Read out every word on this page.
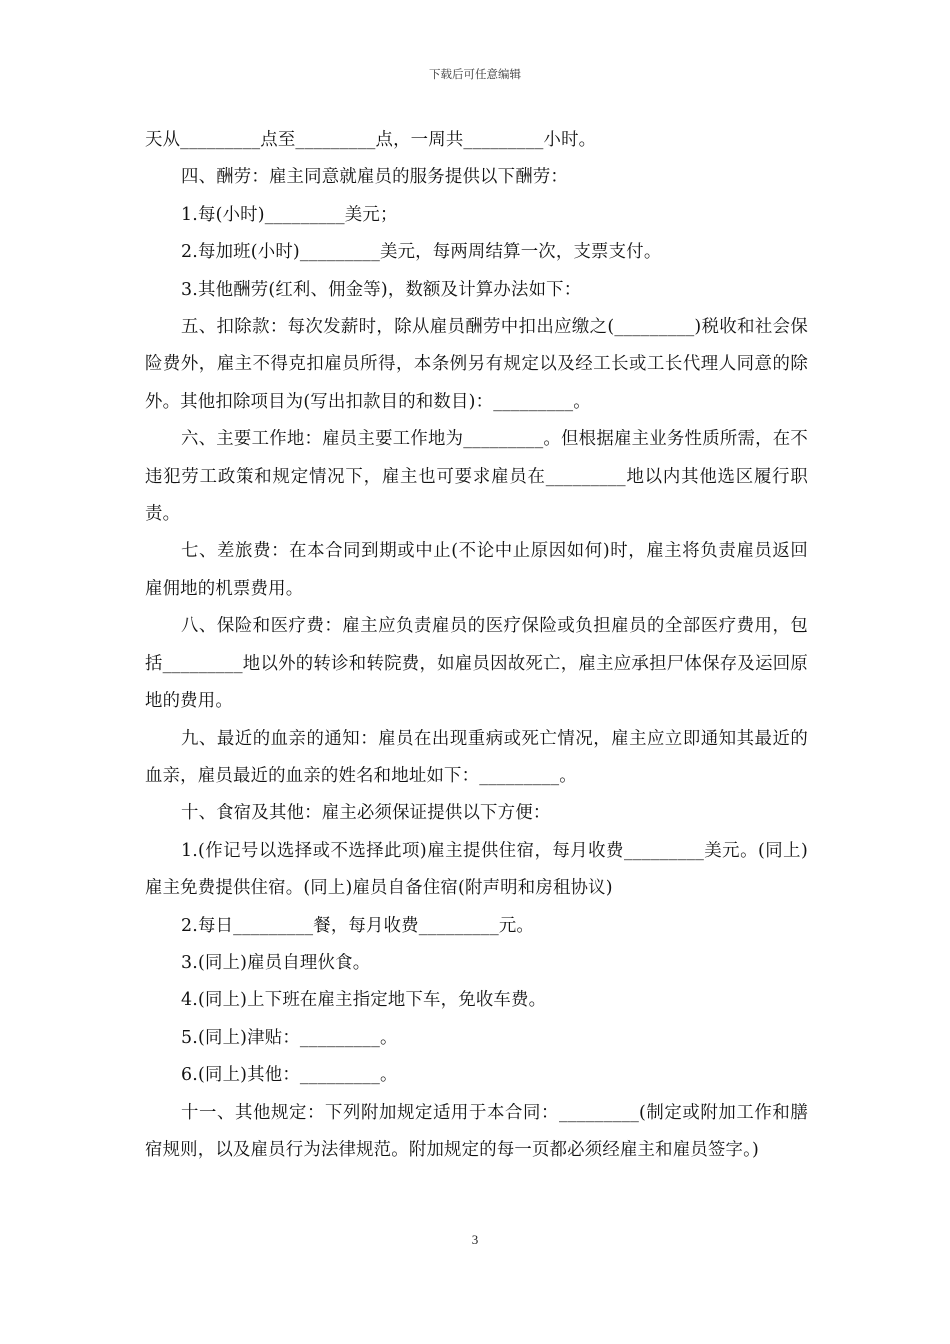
下载后可任意编辑

天从_________点至_________点，一周共_________小时。

四、酬劳：雇主同意就雇员的服务提供以下酬劳：

1.每(小时)_________美元；

2.每加班(小时)_________美元，每两周结算一次，支票支付。

3.其他酬劳(红利、佣金等)，数额及计算办法如下：

五、扣除款：每次发薪时，除从雇员酬劳中扣出应缴之(_________)税收和社会保险费外，雇主不得克扣雇员所得，本条例另有规定以及经工长或工长代理人同意的除外。其他扣除项目为(写出扣款目的和数目)：_________。

六、主要工作地：雇员主要工作地为_________。但根据雇主业务性质所需，在不违犯劳工政策和规定情况下，雇主也可要求雇员在_________地以内其他选区履行职责。

七、差旅费：在本合同到期或中止(不论中止原因如何)时，雇主将负责雇员返回雇佣地的机票费用。

八、保险和医疗费：雇主应负责雇员的医疗保险或负担雇员的全部医疗费用，包括_________地以外的转诊和转院费，如雇员因故死亡，雇主应承担尸体保存及运回原地的费用。

九、最近的血亲的通知：雇员在出现重病或死亡情况，雇主应立即通知其最近的血亲，雇员最近的血亲的姓名和地址如下：_________。

十、食宿及其他：雇主必须保证提供以下方便：

1.(作记号以选择或不选择此项)雇主提供住宿，每月收费_________美元。(同上)雇主免费提供住宿。(同上)雇员自备住宿(附声明和房租协议)

2.每日_________餐，每月收费_________元。

3.(同上)雇员自理伙食。

4.(同上)上下班在雇主指定地下车，免收车费。

5.(同上)津贴：_________。

6.(同上)其他：_________。

十一、其他规定：下列附加规定适用于本合同：_________(制定或附加工作和膳宿规则，以及雇员行为法律规范。附加规定的每一页都必须经雇主和雇员签字。)

3
